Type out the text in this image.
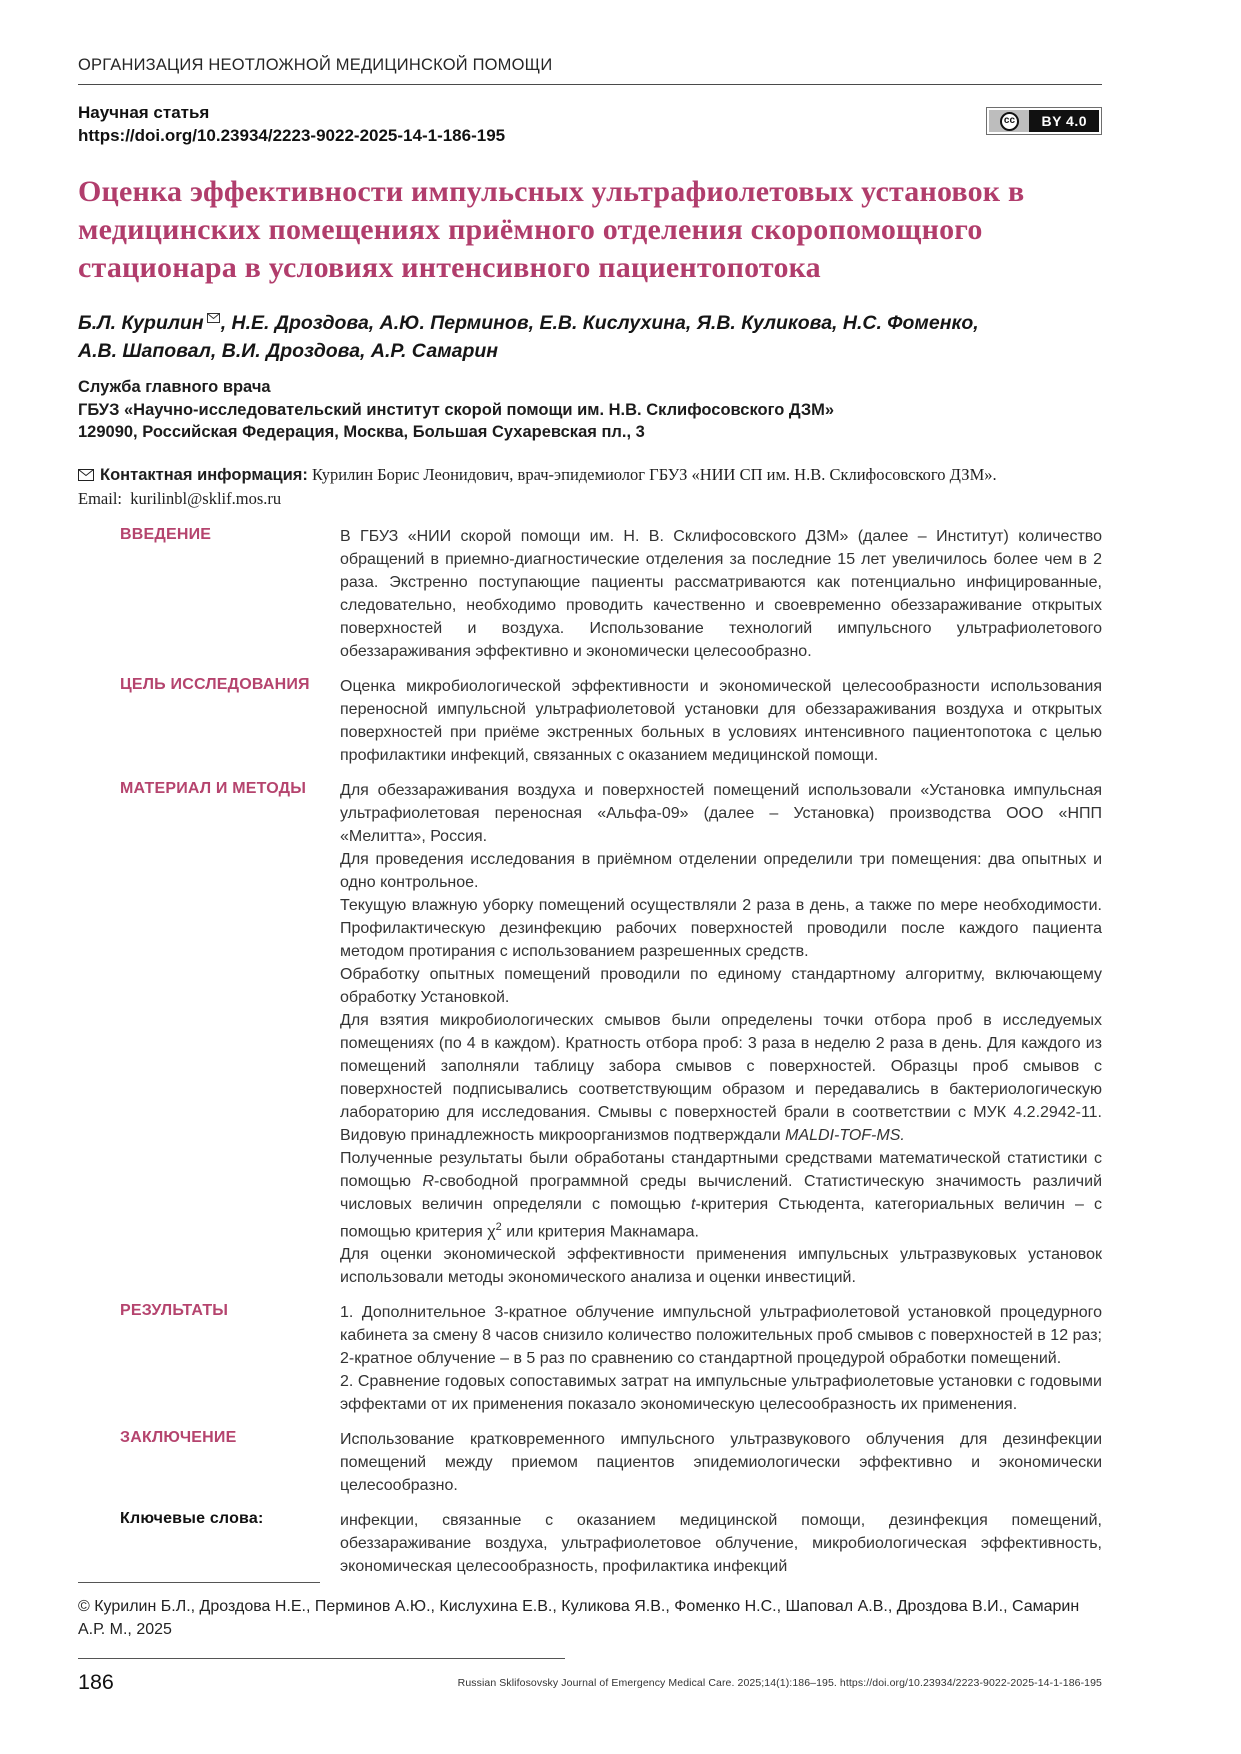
ОРГАНИЗАЦИЯ НЕОТЛОЖНОЙ МЕДИЦИНСКОЙ ПОМОЩИ
Научная статья
https://doi.org/10.23934/2223-9022-2025-14-1-186-195
cc	BY 4.0
Оценка эффективности импульсных ультрафиолетовых установок в медицинских помещениях приёмного отделения скоропомощного стационара в условиях интенсивного пациентопотока
Б.Л. Курилин , Н.Е. Дроздова, А.Ю. Перминов, Е.В. Кислухина, Я.В. Куликова, Н.С. Фоменко,
А.В. Шаповал, В.И. Дроздова, А.Р. Самарин
Служба главного врача
ГБУЗ «Научно-исследовательский институт скорой помощи им. Н.В. Склифосовского ДЗМ»
129090, Российская Федерация, Москва, Большая Сухаревская пл., 3
Контактная информация: Курилин Борис Леонидович, врач-эпидемиолог ГБУЗ «НИИ СП им. Н.В. Склифосовского ДЗМ».
Email: kurilinbl@sklif.mos.ru
ВВЕДЕНИЕ	В ГБУЗ «НИИ скорой помощи им. Н. В. Склифосовского ДЗМ» (далее – Институт) количество обращений в приемно-диагностические отделения за последние 15 лет увеличилось более чем в 2 раза. Экстренно поступающие пациенты рассматриваются как потенциально инфицированные, следовательно, необходимо проводить качественно и своевременно обеззараживание открытых поверхностей и воздуха. Использование технологий импульсного ультрафиолетового обеззараживания эффективно и экономически целесообразно.

ЦЕЛЬ ИССЛЕДОВАНИЯ	Оценка микробиологической эффективности и экономической целесообразности использования переносной импульсной ультрафиолетовой установки для обеззараживания воздуха и открытых поверхностей при приёме экстренных больных в условиях интенсивного пациентопотока с целью профилактики инфекций, связанных с оказанием медицинской помощи.

МАТЕРИАЛ И МЕТОДЫ	Для обеззараживания воздуха и поверхностей помещений использовали «Установка импульсная ультрафиолетовая переносная «Альфа-09» (далее – Установка) производства ООО «НПП «Мелитта», Россия.

Для проведения исследования в приёмном отделении определили три помещения: два опытных и одно контрольное.

Текущую влажную уборку помещений осуществляли 2 раза в день, а также по мере необходимости. Профилактическую дезинфекцию рабочих поверхностей проводили после каждого пациента методом протирания с использованием разрешенных средств.

Обработку опытных помещений проводили по единому стандартному алгоритму, включающему обработку Установкой.

Для взятия микробиологических смывов были определены точки отбора проб в исследуемых помещениях (по 4 в каждом). Кратность отбора проб: 3 раза в неделю 2 раза в день. Для каждого из помещений заполняли таблицу забора смывов с поверхностей. Образцы проб смывов с поверхностей подписывались соответствующим образом и передавались в бактериологическую лабораторию для исследования. Смывы с поверхностей брали в соответствии с МУК 4.2.2942-11. Видовую принадлежность микроорганизмов подтверждали MALDI-TOF-MS.

Полученные результаты были обработаны стандартными средствами математической статистики с помощью R-свободной программной среды вычислений. Статистическую значимость различий числовых величин определяли с помощью t-критерия Стьюдента, категориальных величин – с помощью критерия $\chi^2$ или критерия Макнамара.

Для оценки экономической эффективности применения импульсных ультразвуковых установок использовали методы экономического анализа и оценки инвестиций.

РЕЗУЛЬТАТЫ	1. Дополнительное 3-кратное облучение импульсной ультрафиолетовой установкой процедурного кабинета за смену 8 часов снизило количество положительных проб смывов с поверхностей в 12 раз; 2-кратное облучение – в 5 раз по сравнению со стандартной процедурой обработки помещений.

2. Сравнение годовых сопоставимых затрат на импульсные ультрафиолетовые установки с годовыми эффектами от их применения показало экономическую целесообразность их применения.

ЗАКЛЮЧЕНИЕ	Использование кратковременного импульсного ультразвукового облучения для дезинфекции помещений между приемом пациентов эпидемиологически эффективно и экономически целесообразно.

Ключевые слова:	инфекции, связанные с оказанием медицинской помощи, дезинфекция помещений, обеззараживание воздуха, ультрафиолетовое облучение, микробиологическая эффективность, экономическая целесообразность, профилактика инфекций

© Курилин Б.Л., Дроздова Н.Е., Перминов А.Ю., Кислухина Е.В., Куликова Я.В., Фоменко Н.С., Шаповал А.В., Дроздова В.И., Самарин А.Р. М., 2025
186	Russian Sklifosovsky Journal of Emergency Medical Care. 2025;14(1):186–195. https://doi.org/10.23934/2223-9022-2025-14-1-186-195
